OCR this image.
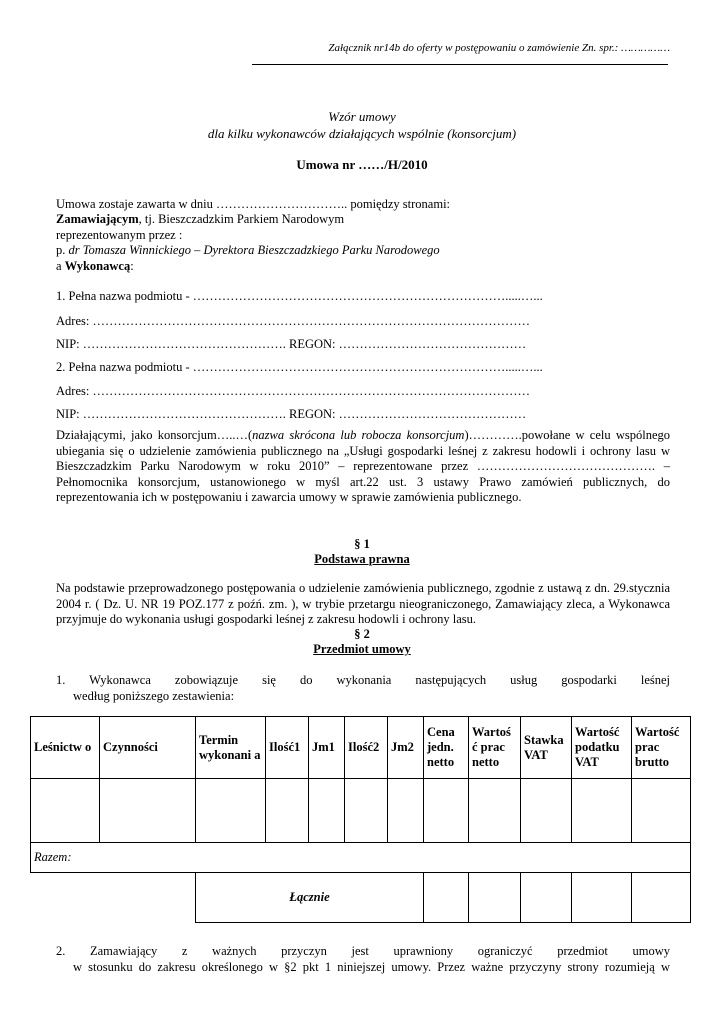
Załącznik nr14b do oferty w postępowaniu o zamówienie Zn. spr.: ……………
Wzór umowy
dla kilku wykonawców działających wspólnie (konsorcjum)
Umowa nr ……/H/2010
Umowa zostaje zawarta w dniu ………………………….. pomiędzy stronami:
Zamawiającym, tj. Bieszczadzkim Parkiem Narodowym
reprezentowanym przez :
p. dr Tomasza Winnickiego – Dyrektora Bieszczadzkiego Parku Narodowego
a Wykonawcą:
1. Pełna nazwa podmiotu - ………………………………………………………………….....…...
Adres: ……………………………………………………………………………………………
NIP: …………………………………………. REGON: ………………………………………
2. Pełna nazwa podmiotu - ………………………………………………………………….....…...
Adres: ……………………………………………………………………………………………
NIP: …………………………………………. REGON: ………………………………………
Działającymi, jako konsorcjum…..…(nazwa skrócona lub robocza konsorcjum)………….powołane w celu wspólnego ubiegania się o udzielenie zamówienia publicznego na „Usługi gospodarki leśnej z zakresu hodowli i ochrony lasu w Bieszczadzkim Parku Narodowym w roku 2010” – reprezentowane przez ……………………………………. – Pełnomocnika konsorcjum, ustanowionego w myśl art.22 ust. 3 ustawy Prawo zamówień publicznych, do reprezentowania ich w postępowaniu i zawarcia umowy w sprawie zamówienia publicznego.
§ 1
Podstawa prawna
Na podstawie przeprowadzonego postępowania o udzielenie zamówienia publicznego, zgodnie z ustawą z dn. 29.stycznia 2004 r. ( Dz. U. NR 19 POZ.177 z poźń. zm. ), w trybie przetargu nieograniczonego, Zamawiający zleca, a Wykonawca przyjmuje do wykonania usługi gospodarki leśnej z zakresu hodowli i ochrony lasu.
§ 2
Przedmiot umowy
1. Wykonawca zobowiązuje się do wykonania następujących usług gospodarki leśnej
według poniższego zestawienia:
Leśnictw o	Czynności	Termin wykonani a	Ilość1	Jm1	Ilość2	Jm2	Cena jedn. netto	Wartoś ć prac netto	Stawka VAT	Wartość podatku VAT	Wartość prac brutto

Razem:											
		Łącznie									
2. Zamawiający z ważnych przyczyn jest uprawniony ograniczyć przedmiot umowy
w stosunku do zakresu określonego w §2 pkt 1 niniejszej umowy. Przez ważne przyczyny strony rozumieją w
